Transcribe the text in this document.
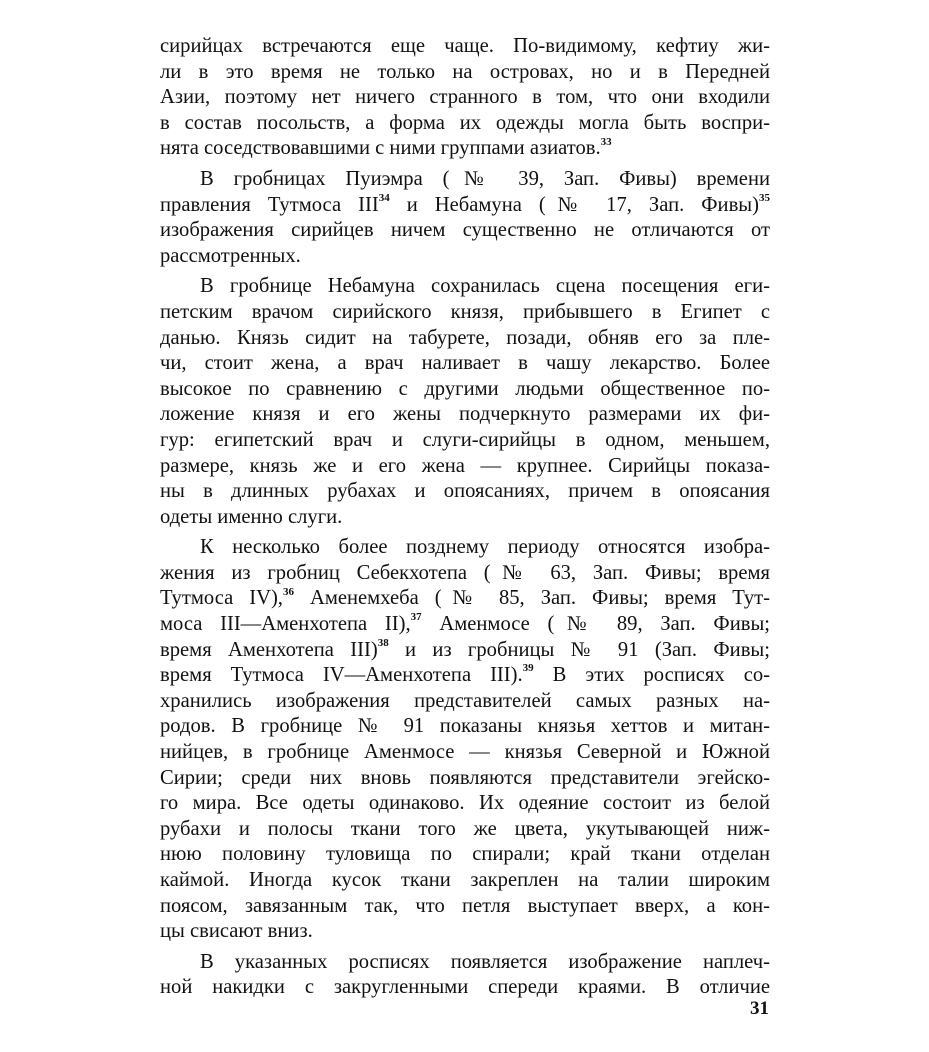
сирийцах встречаются еще чаще. По-видимому, кефтиу жи-
ли в это время не только на островах, но и в Передней
Азии, поэтому нет ничего странного в том, что они входили
в состав посольств, а форма их одежды могла быть воспри-
нята соседствовавшими с ними группами азиатов.$^{33}$

В гробницах Пуиэмра (№ 39, Зап. Фивы) времени
правления Тутмоса III$^{34}$ и Небамуна (№ 17, Зап. Фивы)$^{35}$
изображения сирийцев ничем существенно не отличаются от
рассмотренных.

В гробнице Небамуна сохранилась сцена посещения еги-
петским врачом сирийского князя, прибывшего в Египет с
данью. Князь сидит на табурете, позади, обняв его за пле-
чи, стоит жена, а врач наливает в чашу лекарство. Более
высокое по сравнению с другими людьми общественное по-
ложение князя и его жены подчеркнуто размерами их фи-
гур: египетский врач и слуги-сирийцы в одном, меньшем,
размере, князь же и его жена — крупнее. Сирийцы показа-
ны в длинных рубахах и опоясаниях, причем в опоясания
одеты именно слуги.

К несколько более позднему периоду относятся изобра-
жения из гробниц Себекхотепа (№ 63, Зап. Фивы; время
Тутмоса IV),$^{36}$ Аменемхеба (№ 85, Зап. Фивы; время Тут-
моса III—Аменхотепа II),$^{37}$ Аменмосе (№ 89, Зап. Фивы;
время Аменхотепа III)$^{38}$ и из гробницы № 91 (Зап. Фивы;
время Тутмоса IV—Аменхотепа III).$^{39}$ В этих росписях со-
хранились изображения представителей самых разных на-
родов. В гробнице № 91 показаны князья хеттов и митан-
нийцев, в гробнице Аменмосе — князья Северной и Южной
Сирии; среди них вновь появляются представители эгейско-
го мира. Все одеты одинаково. Их одеяние состоит из белой
рубахи и полосы ткани того же цвета, укутывающей ниж-
нюю половину туловища по спирали; край ткани отделан
каймой. Иногда кусок ткани закреплен на талии широким
поясом, завязанным так, что петля выступает вверх, а кон-
цы свисают вниз.

В указанных росписях появляется изображение наплеч-
ной накидки с закругленными спереди краями. В отличие

31
